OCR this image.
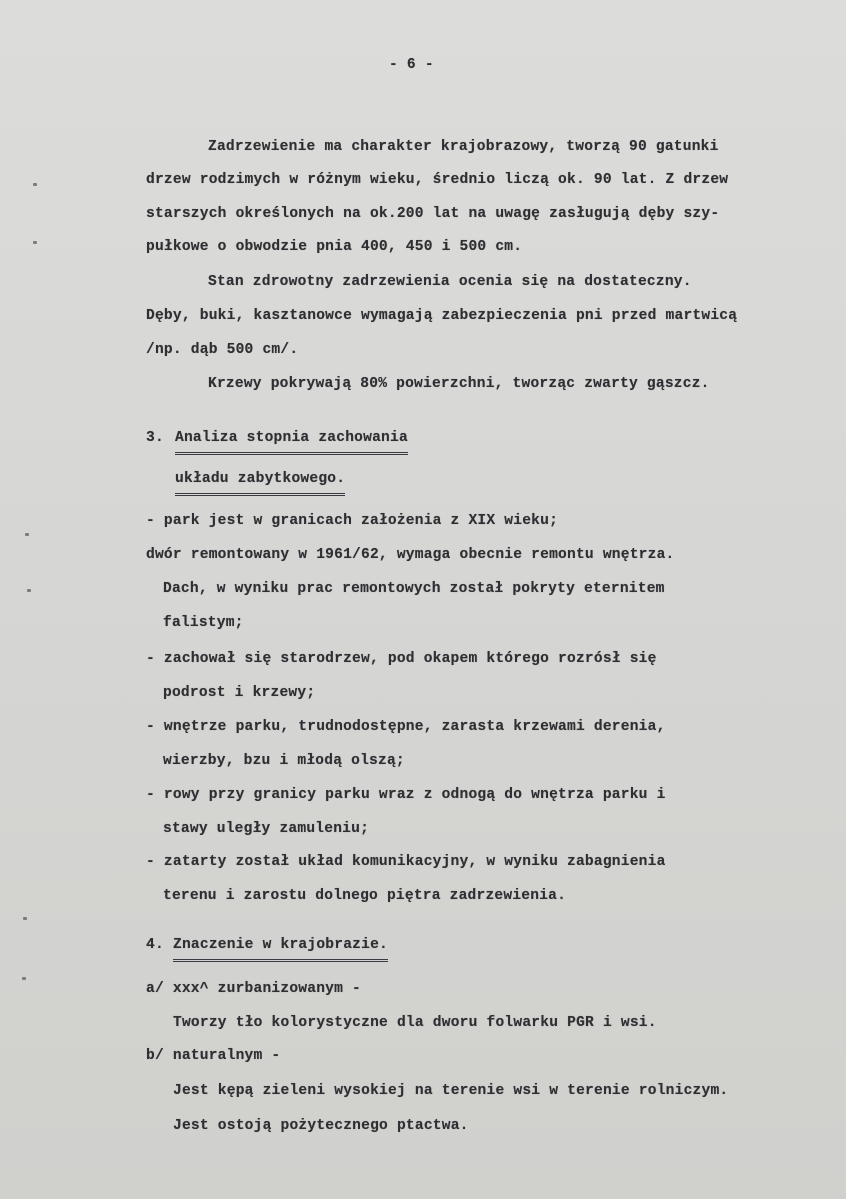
- 6 -
Zadrzewienie ma charakter krajobrazowy, tworzą 90 gatunki
drzew rodzimych w różnym wieku, średnio liczą ok. 90 lat. Z drzew
starszych określonych na ok.200 lat na uwagę zasługują dęby szy-
pułkowe o obwodzie pnia 400, 450 i 500 cm.
Stan zdrowotny zadrzewienia ocenia się na dostateczny.
Dęby, buki, kasztanowce wymagają zabezpieczenia pni przed martwicą
/np. dąb 500 cm/.
Krzewy pokrywają 80% powierzchni, tworząc zwarty gąszcz.
3. Analiza stopnia zachowania
układu zabytkowego.
- park jest w granicach założenia z XIX wieku;
dwór remontowany w 1961/62, wymaga obecnie remontu wnętrza.
Dach, w wyniku prac remontowych został pokryty eternitem
falistym;
- zachował się starodrzew, pod okapem którego rozrósł się
podrost i krzewy;
- wnętrze parku, trudnodostępne, zarasta krzewami derenia,
wierzby, bzu i młodą olszą;
- rowy przy granicy parku wraz z odnogą do wnętrza parku i
stawy uległy zamuleniu;
- zatarty został układ komunikacyjny, w wyniku zabagnienia
terenu i zarostu dolnego piętra zadrzewienia.
4. Znaczenie w krajobrazie.
a/ xxx^ zurbanizowanym -
Tworzy tło kolorystyczne dla dworu folwarku PGR i wsi.
b/ naturalnym -
Jest kępą zieleni wysokiej na terenie wsi w terenie rolniczym.
Jest ostoją pożytecznego ptactwa.
